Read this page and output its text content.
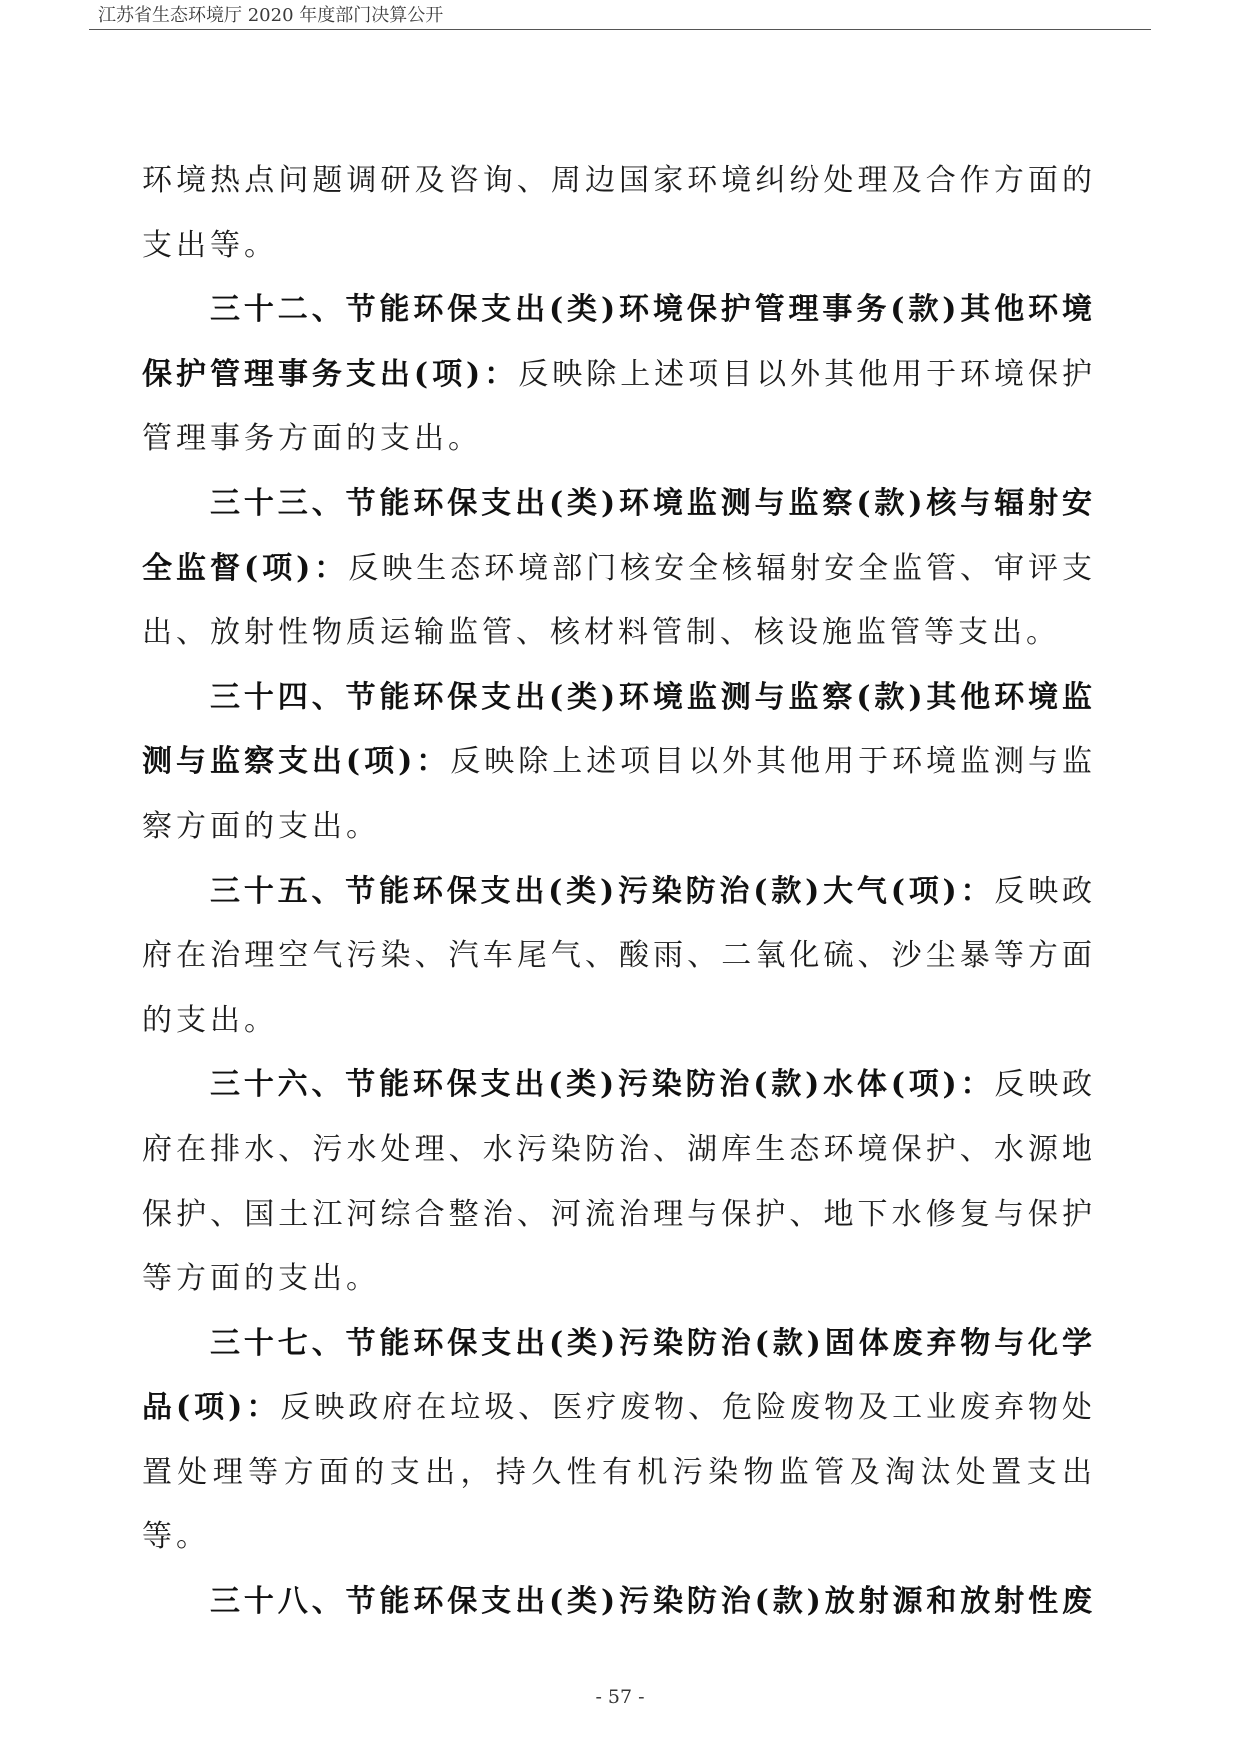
江苏省生态环境厅 2020 年度部门决算公开
环境热点问题调研及咨询、周边国家环境纠纷处理及合作方面的
支出等。
三十二、节能环保支出(类)环境保护管理事务(款)其他环境
保护管理事务支出(项)：反映除上述项目以外其他用于环境保护
管理事务方面的支出。
三十三、节能环保支出(类)环境监测与监察(款)核与辐射安
全监督(项)：反映生态环境部门核安全核辐射安全监管、审评支
出、放射性物质运输监管、核材料管制、核设施监管等支出。
三十四、节能环保支出(类)环境监测与监察(款)其他环境监
测与监察支出(项)：反映除上述项目以外其他用于环境监测与监
察方面的支出。
三十五、节能环保支出(类)污染防治(款)大气(项)：反映政
府在治理空气污染、汽车尾气、酸雨、二氧化硫、沙尘暴等方面
的支出。
三十六、节能环保支出(类)污染防治(款)水体(项)：反映政
府在排水、污水处理、水污染防治、湖库生态环境保护、水源地
保护、国土江河综合整治、河流治理与保护、地下水修复与保护
等方面的支出。
三十七、节能环保支出(类)污染防治(款)固体废弃物与化学
品(项)：反映政府在垃圾、医疗废物、危险废物及工业废弃物处
置处理等方面的支出，持久性有机污染物监管及淘汰处置支出
等。
三十八、节能环保支出(类)污染防治(款)放射源和放射性废
- 57 -
